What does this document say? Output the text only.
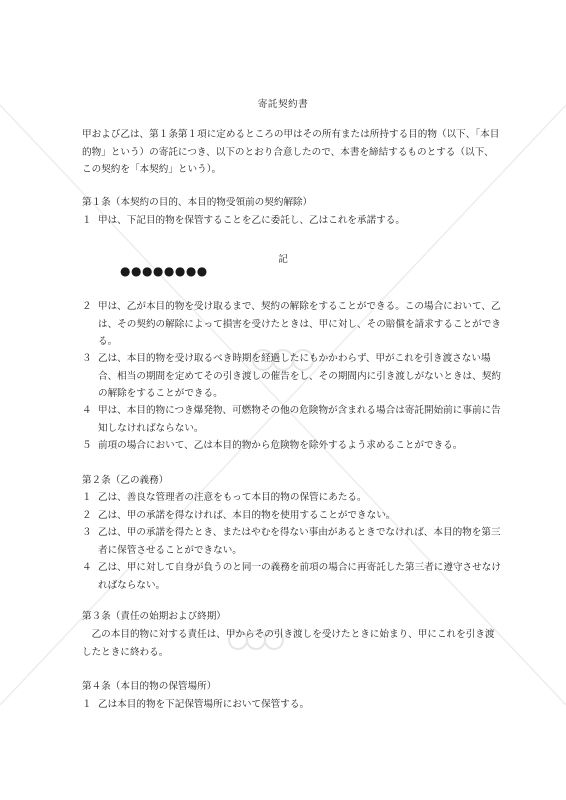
寄託契約書
甲および乙は、第１条第１項に定めるところの甲はその所有または所持する目的物（以下、「本目的物」という）の寄託につき、以下のとおり合意したので、本書を締結するものとする（以下、この契約を「本契約」という）。
第１条（本契約の目的、本目的物受領前の契約解除）
１ 甲は、下記目的物を保管することを乙に委託し、乙はこれを承諾する。
記
●●●●●●●●
２ 甲は、乙が本目的物を受け取るまで、契約の解除をすることができる。この場合において、乙は、その契約の解除によって損害を受けたときは、甲に対し、その賠償を請求することができる。
３ 乙は、本目的物を受け取るべき時期を経過したにもかかわらず、甲がこれを引き渡さない場合、相当の期間を定めてその引き渡しの催告をし、その期間内に引き渡しがないときは、契約の解除をすることができる。
４ 甲は、本目的物につき爆発物、可燃物その他の危険物が含まれる場合は寄託開始前に事前に告知しなければならない。
５ 前項の場合において、乙は本目的物から危険物を除外するよう求めることができる。
第２条（乙の義務）
１ 乙は、善良な管理者の注意をもって本目的物の保管にあたる。
２ 乙は、甲の承諾を得なければ、本目的物を使用することができない。
３ 乙は、甲の承諾を得たとき、またはやむを得ない事由があるときでなければ、本目的物を第三者に保管させることができない。
４ 乙は、甲に対して自身が負うのと同一の義務を前項の場合に再寄託した第三者に遵守させなければならない。
第３条（責任の始期および終期）
乙の本目的物に対する責任は、甲からその引き渡しを受けたときに始まり、甲にこれを引き渡したときに終わる。
第４条（本目的物の保管場所）
１ 乙は本目的物を下記保管場所において保管する。
